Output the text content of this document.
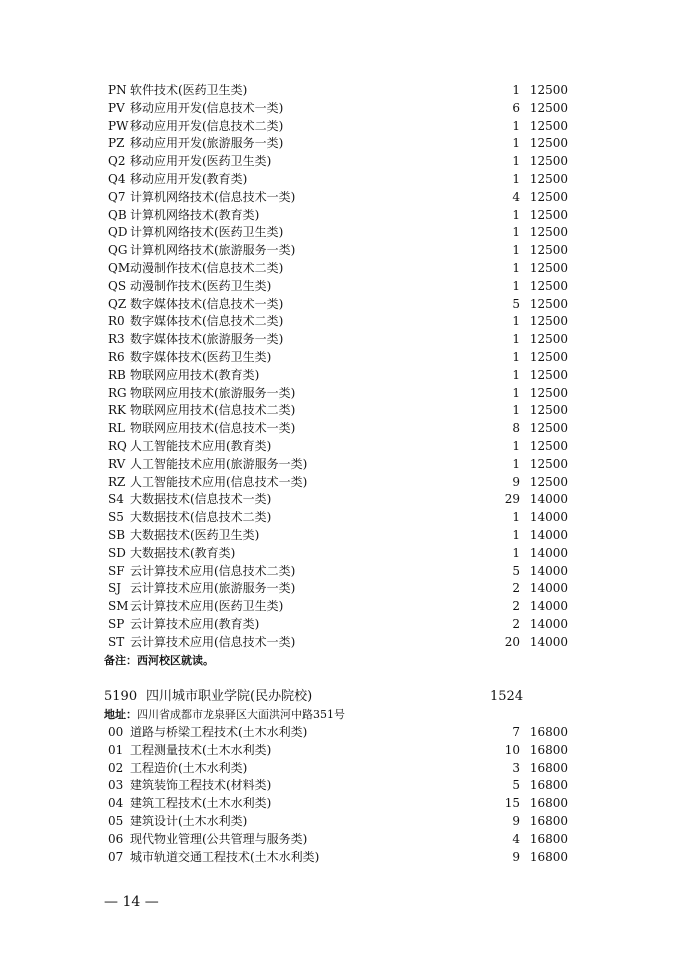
PN 软件技术(医药卫生类)	1 12500
PV 移动应用开发(信息技术一类)	6 12500
PW 移动应用开发(信息技术二类)	1 12500
PZ 移动应用开发(旅游服务一类)	1 12500
Q2 移动应用开发(医药卫生类)	1 12500
Q4 移动应用开发(教育类)	1 12500
Q7 计算机网络技术(信息技术一类)	4 12500
QB 计算机网络技术(教育类)	1 12500
QD 计算机网络技术(医药卫生类)	1 12500
QG 计算机网络技术(旅游服务一类)	1 12500
QM 动漫制作技术(信息技术二类)	1 12500
QS 动漫制作技术(医药卫生类)	1 12500
QZ 数字媒体技术(信息技术一类)	5 12500
R0 数字媒体技术(信息技术二类)	1 12500
R3 数字媒体技术(旅游服务一类)	1 12500
R6 数字媒体技术(医药卫生类)	1 12500
RB 物联网应用技术(教育类)	1 12500
RG 物联网应用技术(旅游服务一类)	1 12500
RK 物联网应用技术(信息技术二类)	1 12500
RL 物联网应用技术(信息技术一类)	8 12500
RQ 人工智能技术应用(教育类)	1 12500
RV 人工智能技术应用(旅游服务一类)	1 12500
RZ 人工智能技术应用(信息技术一类)	9 12500
S4 大数据技术(信息技术一类)	29 14000
S5 大数据技术(信息技术二类)	1 14000
SB 大数据技术(医药卫生类)	1 14000
SD 大数据技术(教育类)	1 14000
SF 云计算技术应用(信息技术二类)	5 14000
SJ 云计算技术应用(旅游服务一类)	2 14000
SM 云计算技术应用(医药卫生类)	2 14000
SP 云计算技术应用(教育类)	2 14000
ST 云计算技术应用(信息技术一类)	20 14000
备注：西河校区就读。
5190 四川城市职业学院(民办院校)	1524
地址：四川省成都市龙泉驿区大面洪河中路351号
00 道路与桥梁工程技术(土木水利类)	7 16800
01 工程测量技术(土木水利类)	10 16800
02 工程造价(土木水利类)	3 16800
03 建筑装饰工程技术(材料类)	5 16800
04 建筑工程技术(土木水利类)	15 16800
05 建筑设计(土木水利类)	9 16800
06 现代物业管理(公共管理与服务类)	4 16800
07 城市轨道交通工程技术(土木水利类)	9 16800
— 14 —
